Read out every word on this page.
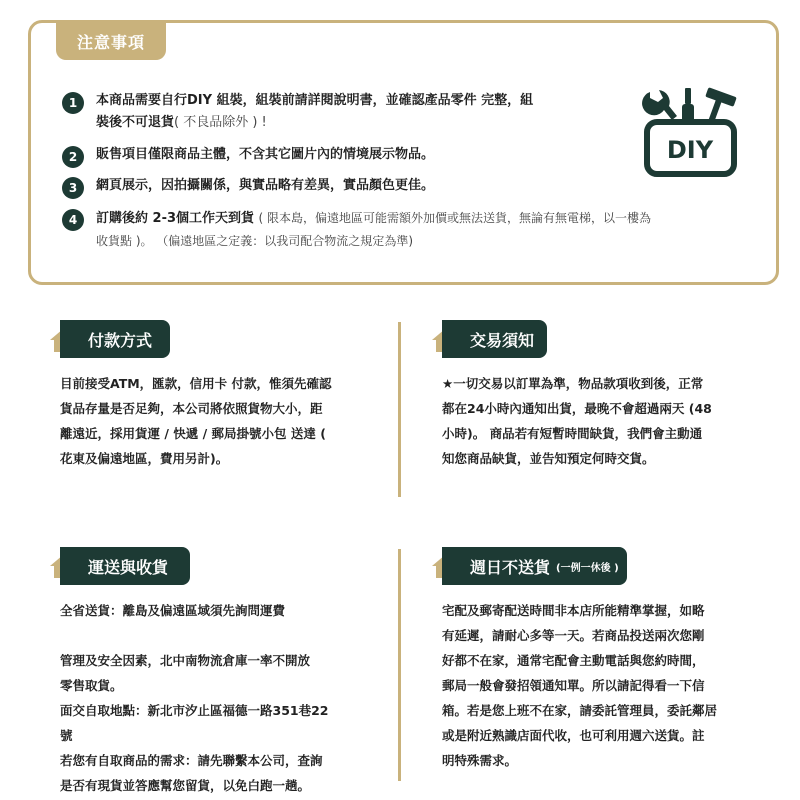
注意事項
1	本商品需要自行DIY 組裝，組裝前請詳閱說明書，並確認產品零件 完整，組
裝後不可退貨( 不良品除外 ) !
2	販售項目僅限商品主體，不含其它圖片內的情境展示物品。
3	網頁展示，因拍攝關係，與實品略有差異，實品顏色更佳。
4	訂購後約 2-3個工作天到貨 ( 限本島，偏遠地區可能需額外加價或無法送貨，無論有無電梯，以一樓為
收貨點 )。 （偏遠地區之定義：以我司配合物流之規定為準)
DIY
付款方式	交易須知
運送與收貨	週日不送貨 (一例一休後 )
目前接受ATM，匯款，信用卡 付款，惟須先確認
貨品存量是否足夠，本公司將依照貨物大小，距
離遠近，採用貨運 / 快遞 / 郵局掛號小包 送達 (
花東及偏遠地區，費用另計)。
★一切交易以訂單為準，物品款項收到後，正常
都在24小時內通知出貨，最晚不會超過兩天 (48
小時)。 商品若有短暫時間缺貨，我們會主動通
知您商品缺貨，並告知預定何時交貨。
全省送貨：離島及偏遠區域須先詢問運費
管理及安全因素，北中南物流倉庫一率不開放
零售取貨。
面交自取地點：新北市汐止區福德一路351巷22
號
若您有自取商品的需求：請先聯繫本公司，查詢
是否有現貨並答應幫您留貨，以免白跑一趟。
宅配及郵寄配送時間非本店所能精準掌握，如略
有延遲，請耐心多等一天。若商品投送兩次您剛
好都不在家，通常宅配會主動電話與您約時間，
郵局一般會發招領通知單。所以請記得看一下信
箱。若是您上班不在家，請委託管理員，委託鄰居
或是附近熟識店面代收，也可利用週六送貨。註
明特殊需求。
